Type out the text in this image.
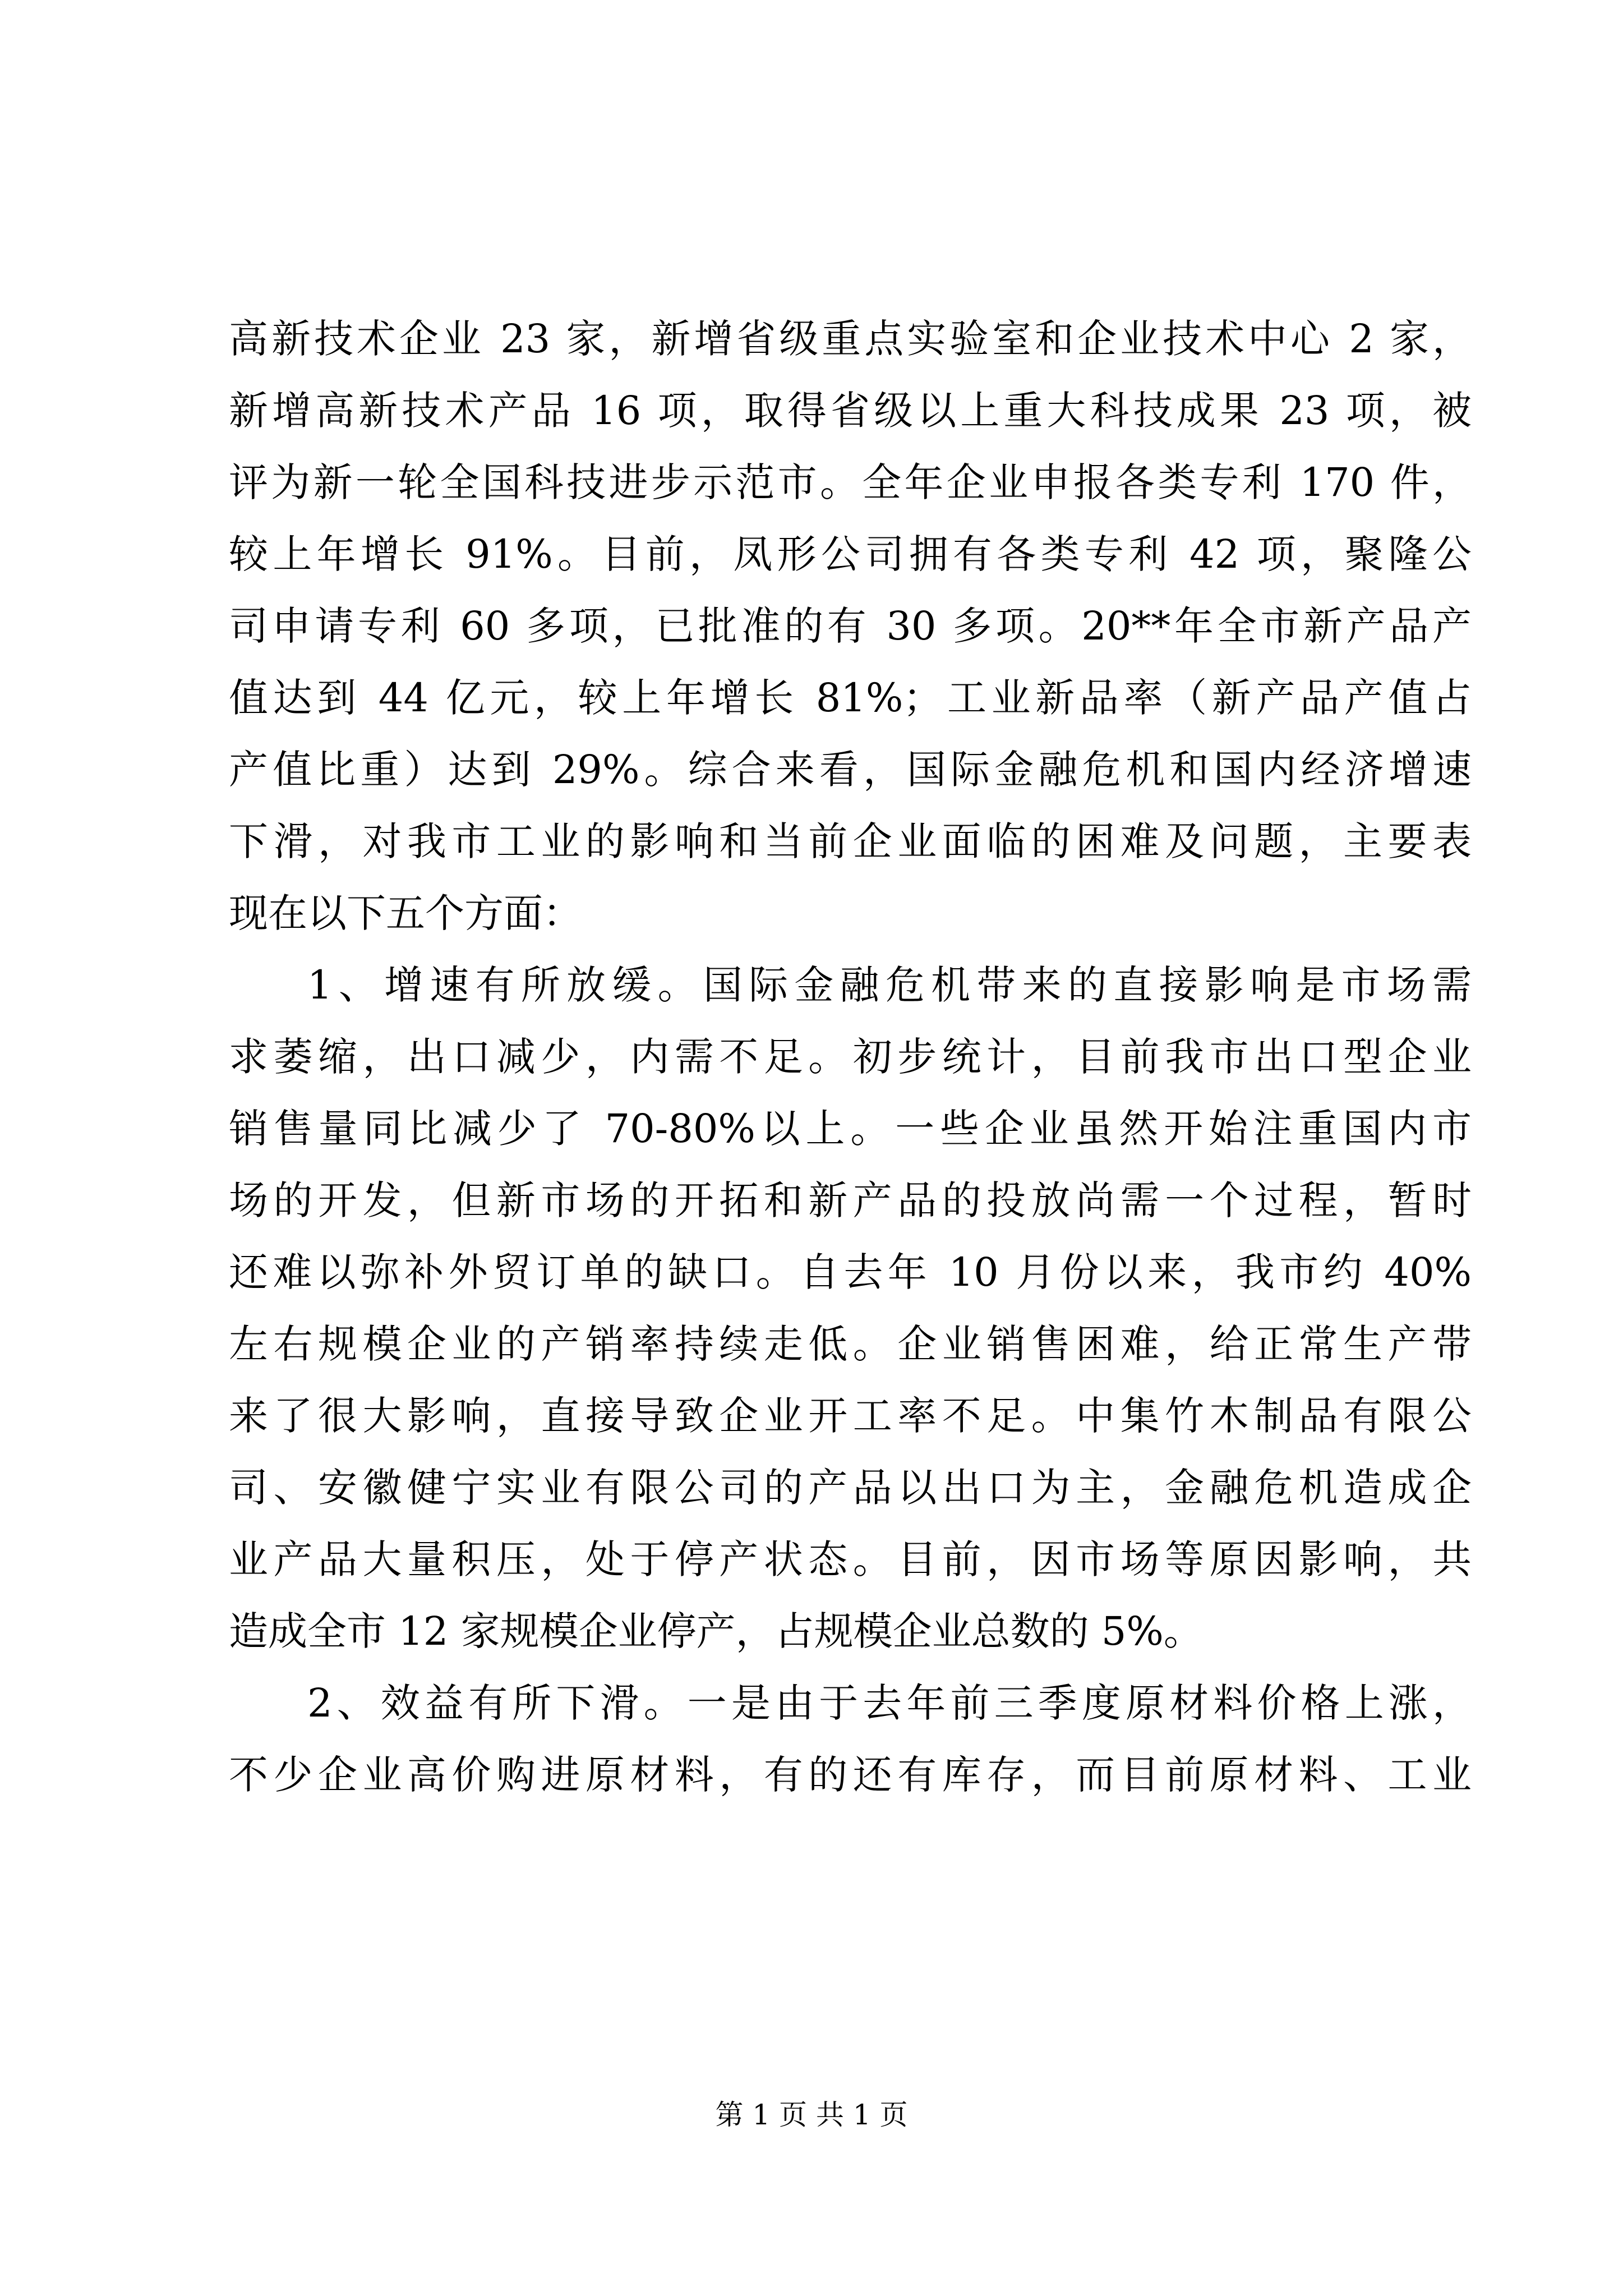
高新技术企业 23 家，新增省级重点实验室和企业技术中心 2 家，
新增高新技术产品 16 项，取得省级以上重大科技成果 23 项，被
评为新一轮全国科技进步示范市。全年企业申报各类专利 170 件，
较上年增长 91%。目前，凤形公司拥有各类专利 42 项，聚隆公
司申请专利 60 多项，已批准的有 30 多项。20**年全市新产品产
值达到 44 亿元，较上年增长 81%；工业新品率（新产品产值占
产值比重）达到 29%。综合来看，国际金融危机和国内经济增速
下滑，对我市工业的影响和当前企业面临的困难及问题，主要表
现在以下五个方面：
1、增速有所放缓。国际金融危机带来的直接影响是市场需
求萎缩，出口减少，内需不足。初步统计，目前我市出口型企业
销售量同比减少了 70-80%以上。一些企业虽然开始注重国内市
场的开发，但新市场的开拓和新产品的投放尚需一个过程，暂时
还难以弥补外贸订单的缺口。自去年 10 月份以来，我市约 40%
左右规模企业的产销率持续走低。企业销售困难，给正常生产带
来了很大影响，直接导致企业开工率不足。中集竹木制品有限公
司、安徽健宁实业有限公司的产品以出口为主，金融危机造成企
业产品大量积压，处于停产状态。目前，因市场等原因影响，共
造成全市 12 家规模企业停产，占规模企业总数的 5%。
2、效益有所下滑。一是由于去年前三季度原材料价格上涨，
不少企业高价购进原材料，有的还有库存，而目前原材料、工业
第 1 页 共 1 页
